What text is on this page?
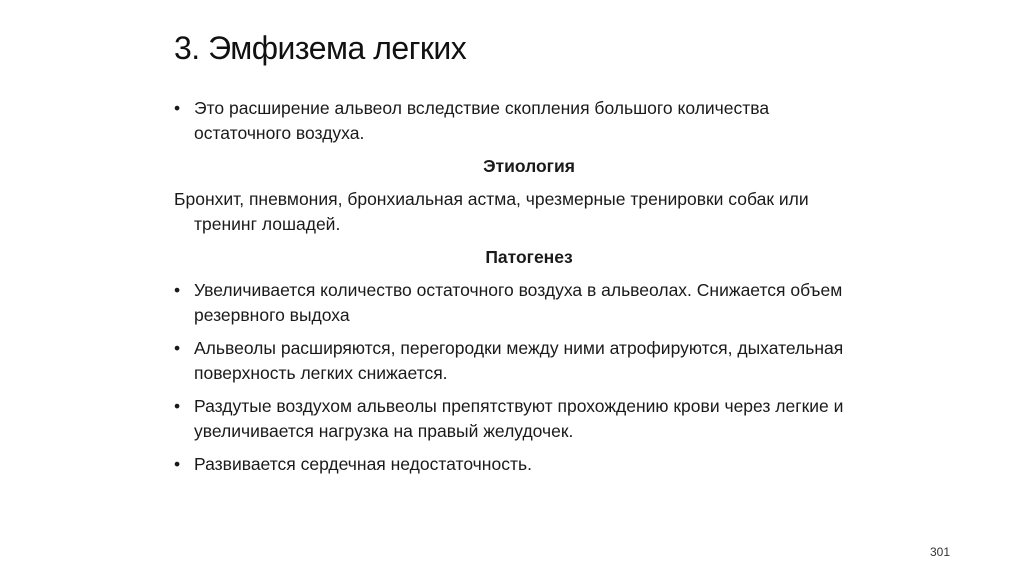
3. Эмфизема легких
• Это расширение альвеол вследствие скопления большого количества остаточного воздуха.
Этиология
Бронхит, пневмония, бронхиальная астма, чрезмерные тренировки собак или тренинг лошадей.
Патогенез
• Увеличивается количество остаточного воздуха в альвеолах. Снижается объем резервного выдоха
• Альвеолы расширяются, перегородки между ними атрофируются, дыхательная поверхность легких снижается.
• Раздутые воздухом альвеолы препятствуют прохождению крови через легкие и увеличивается нагрузка на правый желудочек.
• Развивается сердечная недостаточность.
301
